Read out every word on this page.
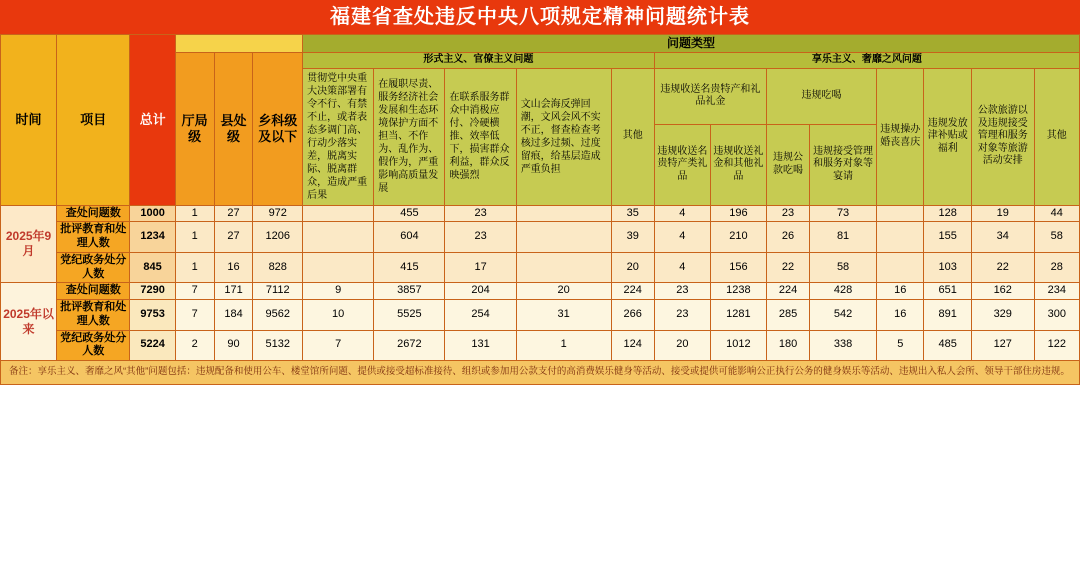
福建省查处违反中央八项规定精神问题统计表
时间	项目	总计				问题类型												
			厅局级	县处级	乡科级及以下	形式主义、官僚主义问题					享乐主义、奢靡之风问题							
						贯彻党中央重大决策部署有令不行、有禁不止，或者表态多调门高、行动少落实差，脱离实际、脱离群众，造成严重后果	在履职尽责、服务经济社会发展和生态环境保护方面不担当、不作为、乱作为、假作为，严重影响高质量发展	在联系服务群众中消极应付、冷硬横推、效率低下，损害群众利益，群众反映强烈	文山会海反弹回潮，文风会风不实不正，督查检查考核过多过频、过度留痕，给基层造成严重负担	其他	违规收送名贵特产和礼品礼金		违规吃喝		违规操办婚丧喜庆	违规发放津补贴或福利	公款旅游以及违规接受管理和服务对象等旅游活动安排	其他
											违规收送名贵特产类礼品	违规收送礼金和其他礼品	违规公款吃喝	违规接受管理和服务对象等宴请				
2025年9月	查处问题数	1000	1	27	972		455	23		35	4	196	23	73		128	19	44
	批评教育和处理人数	1234	1	27	1206		604	23		39	4	210	26	81		155	34	58
	党纪政务处分人数	845	1	16	828		415	17		20	4	156	22	58		103	22	28
2025年以来	查处问题数	7290	7	171	7112	9	3857	204	20	224	23	1238	224	428	16	651	162	234
	批评教育和处理人数	9753	7	184	9562	10	5525	254	31	266	23	1281	285	542	16	891	329	300
	党纪政务处分人数	5224	2	90	5132	7	2672	131	1	124	20	1012	180	338	5	485	127	122
备注：享乐主义、奢靡之风“其他”问题包括：违规配备和使用公车、楼堂馆所问题、提供或接受超标准接待、组织或参加用公款支付的高消费娱乐健身等活动、接受或提供可能影响公正执行公务的健身娱乐等活动、违规出入私人会所、领导干部住房违规。
